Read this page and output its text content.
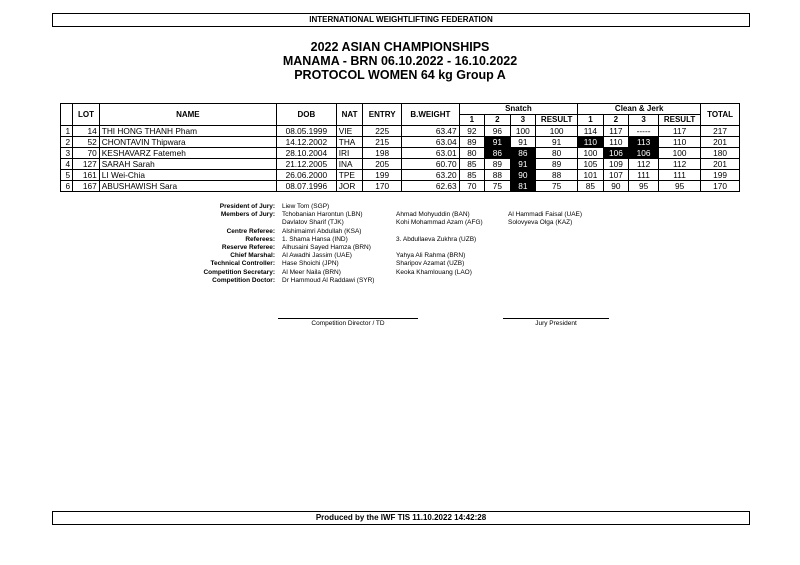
INTERNATIONAL WEIGHTLIFTING FEDERATION
2022 ASIAN CHAMPIONSHIPS
MANAMA - BRN 06.10.2022 - 16.10.2022
PROTOCOL WOMEN 64 kg Group A
	LOT	NAME	DOB	NAT	ENTRY	B.WEIGHT	Snatch				Clean & Jerk				TOTAL
							1	2	3	RESULT	1	2	3	RESULT	
1	14	THI HONG THANH Pham	08.05.1999	VIE	225	63.47	92	96	100	100	114	117	-----	117	217
2	52	CHONTAVIN Thipwara	14.12.2002	THA	215	63.04	89	91	91	91	110	110	113	110	201
3	70	KESHAVARZ Fatemeh	28.10.2004	IRI	198	63.01	80	86	86	80	100	106	106	100	180
4	127	SARAH Sarah	21.12.2005	INA	205	60.70	85	89	91	89	105	109	112	112	201
5	161	LI Wei-Chia	26.06.2000	TPE	199	63.20	85	88	90	88	101	107	111	111	199
6	167	ABUSHAWISH Sara	08.07.1996	JOR	170	62.63	70	75	81	75	85	90	95	95	170
President of Jury: Liew Tom (SGP)
Members of Jury: Tchobanian Harontun (LBN)	Ahmad Mohyuddin (BAN)	Al Hammadi Faisal (UAE)
Davlatov Sharif (TJK)	Kohi Mohammad Azam (AFG)	Solovyeva Olga (KAZ)
Centre Referee: Alshimaimri Abdullah (KSA)
Referees: 1. Shama Hansa (IND)	3. Abdullaeva Zukhra (UZB)
Reserve Referee: Alhusaini Sayed Hamza (BRN)
Chief Marshal: Al Awadhi Jassim (UAE)	Yahya Ali Rahma (BRN)
Technical Controller: Hase Shoichi (JPN)	Sharipov Azamat (UZB)
Competition Secretary: Al Meer Naila (BRN)	Keoka Khamlouang (LAO)
Competition Doctor: Dr Hammoud Al Raddawi (SYR)
Competition Director / TD	Jury President
Produced by the IWF TIS 11.10.2022 14:42:28
